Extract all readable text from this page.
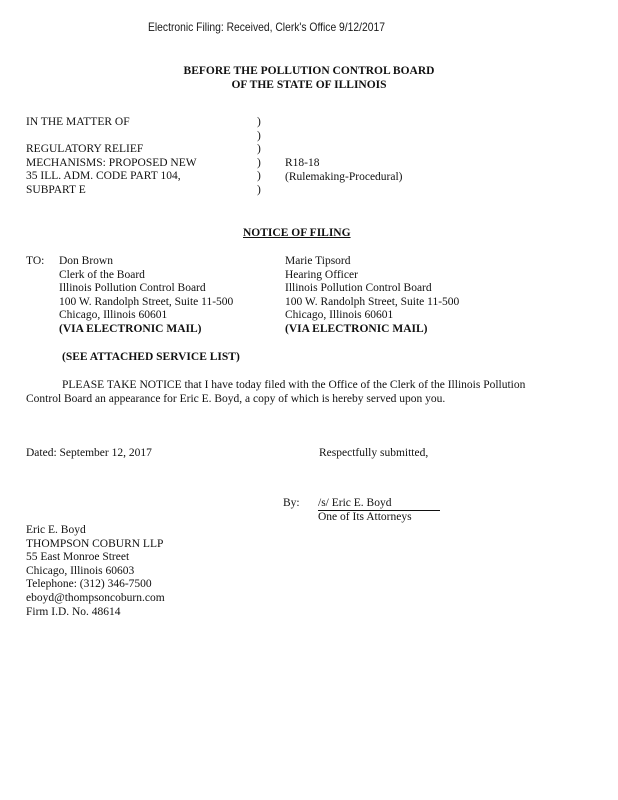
Electronic Filing: Received, Clerk's Office 9/12/2017
BEFORE THE POLLUTION CONTROL BOARD
OF THE STATE OF ILLINOIS
IN THE MATTER OF
REGULATORY RELIEF
MECHANISMS: PROPOSED NEW
35 ILL. ADM. CODE PART 104,
SUBPART E
)
)
)
)
)
)
R18-18
(Rulemaking-Procedural)
NOTICE OF FILING
TO: Don Brown
Clerk of the Board
Illinois Pollution Control Board
100 W. Randolph Street, Suite 11-500
Chicago, Illinois 60601
(VIA ELECTRONIC MAIL)
Marie Tipsord
Hearing Officer
Illinois Pollution Control Board
100 W. Randolph Street, Suite 11-500
Chicago, Illinois 60601
(VIA ELECTRONIC MAIL)
(SEE ATTACHED SERVICE LIST)
PLEASE TAKE NOTICE that I have today filed with the Office of the Clerk of the Illinois Pollution
Control Board an appearance for Eric E. Boyd, a copy of which is hereby served upon you.
Dated: September 12, 2017	Respectfully submitted,
By: /s/ Eric E. Boyd
One of Its Attorneys
Eric E. Boyd
THOMPSON COBURN LLP
55 East Monroe Street
Chicago, Illinois 60603
Telephone: (312) 346-7500
eboyd@thompsoncoburn.com
Firm I.D. No. 48614
